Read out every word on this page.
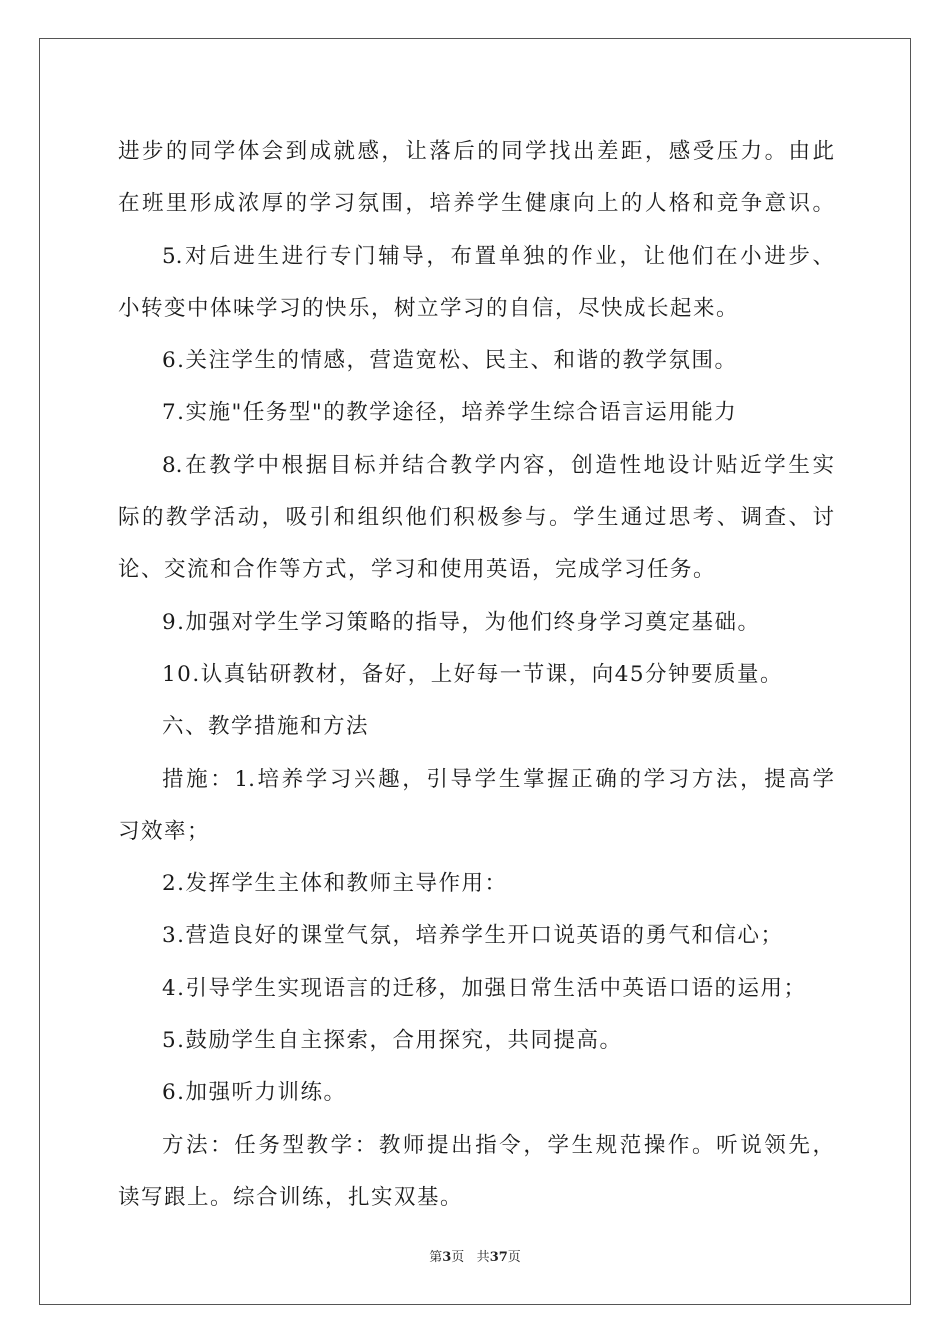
进步的同学体会到成就感，让落后的同学找出差距，感受压力。由此
在班里形成浓厚的学习氛围，培养学生健康向上的人格和竞争意识。
5.对后进生进行专门辅导，布置单独的作业，让他们在小进步、
小转变中体味学习的快乐，树立学习的自信，尽快成长起来。
6.关注学生的情感，营造宽松、民主、和谐的教学氛围。
7.实施"任务型"的教学途径，培养学生综合语言运用能力
8.在教学中根据目标并结合教学内容，创造性地设计贴近学生实
际的教学活动，吸引和组织他们积极参与。学生通过思考、调查、讨
论、交流和合作等方式，学习和使用英语，完成学习任务。
9.加强对学生学习策略的指导，为他们终身学习奠定基础。
10.认真钻研教材，备好，上好每一节课，向45分钟要质量。
六、教学措施和方法
措施：1.培养学习兴趣，引导学生掌握正确的学习方法，提高学
习效率；
2.发挥学生主体和教师主导作用：
3.营造良好的课堂气氛，培养学生开口说英语的勇气和信心；
4.引导学生实现语言的迁移，加强日常生活中英语口语的运用；
5.鼓励学生自主探索，合用探究，共同提高。
6.加强听力训练。
方法：任务型教学：教师提出指令，学生规范操作。听说领先，
读写跟上。综合训练，扎实双基。
第3页 共37页
